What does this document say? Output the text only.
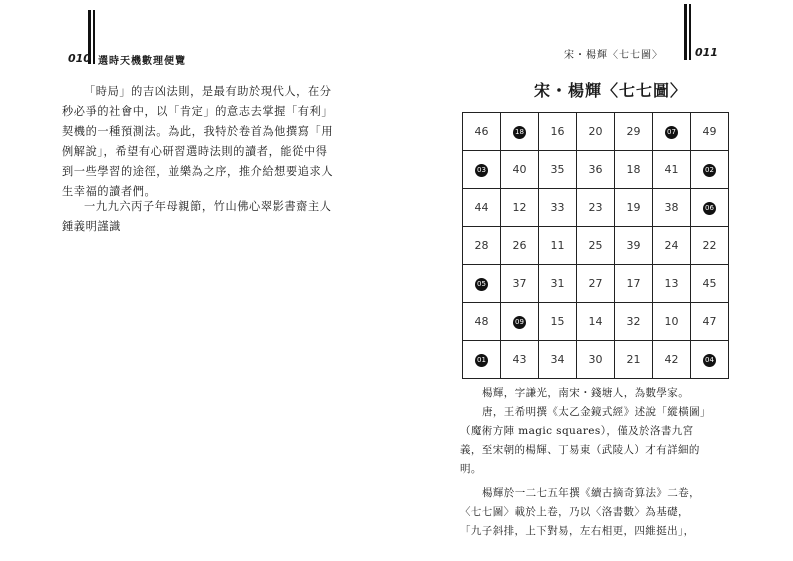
010 選時天機數理便覽

「時局」的吉凶法則，是最有助於現代人，在分

秒必爭的社會中，以「肯定」的意志去掌握「有利」

契機的一種預測法。為此，我特於卷首為他撰寫「用

例解說」，希望有心研習選時法則的讀者，能從中得

到一些學習的途徑，並樂為之序，推介給想要追求人

生幸福的讀者們。

一九九六丙子年母親節，竹山佛心翠影書齋主人

鍾義明謹識

宋・楊輝〈七七圖〉	011
宋・楊輝〈七七圖〉
46	18	16	20	29	07	49
03	40	35	36	18	41	02
44	12	33	23	19	38	06
28	26	11	25	39	24	22
05	37	31	27	17	13	45
48	09	15	14	32	10	47
01	43	34	30	21	42	04

楊輝，字謙光，南宋・錢塘人，為數學家。

唐，王希明撰《太乙金鏡式經》述說「縱橫圖」

（魔術方陣 magic squares），僅及於洛書九宮

義，至宋朝的楊輝、丁易東（武陵人）才有詳細的

明。

楊輝於一二七五年撰《續古摘奇算法》二卷，

〈七七圖〉載於上卷，乃以〈洛書數〉為基礎，

「九子斜排，上下對易，左右相更，四維挺出」，
